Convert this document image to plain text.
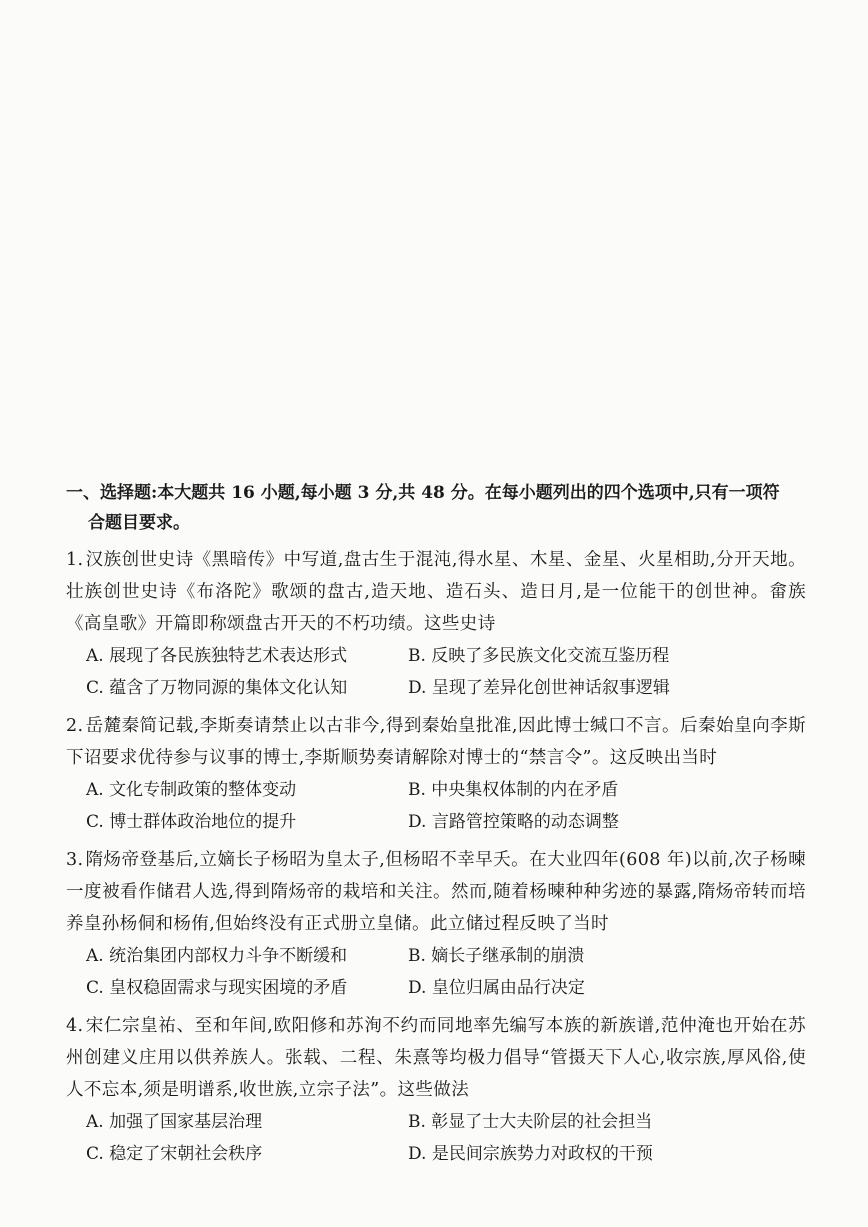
一、选择题:本大题共 16 小题,每小题 3 分,共 48 分。在每小题列出的四个选项中,只有一项符
合题目要求。

1. 汉族创世史诗《黑暗传》中写道,盘古生于混沌,得水星、木星、金星、火星相助,分开天地。壮族创世史诗《布洛陀》歌颂的盘古,造天地、造石头、造日月,是一位能干的创世神。畲族《高皇歌》开篇即称颂盘古开天的不朽功绩。这些史诗

A. 展现了各民族独特艺术表达形式	B. 反映了多民族文化交流互鉴历程
C. 蕴含了万物同源的集体文化认知	D. 呈现了差异化创世神话叙事逻辑

2. 岳麓秦简记载,李斯奏请禁止以古非今,得到秦始皇批准,因此博士缄口不言。后秦始皇向李斯下诏要求优待参与议事的博士,李斯顺势奏请解除对博士的“禁言令”。这反映出当时

A. 文化专制政策的整体变动	B. 中央集权体制的内在矛盾
C. 博士群体政治地位的提升	D. 言路管控策略的动态调整

3. 隋炀帝登基后,立嫡长子杨昭为皇太子,但杨昭不幸早夭。在大业四年(608 年)以前,次子杨暕一度被看作储君人选,得到隋炀帝的栽培和关注。然而,随着杨暕种种劣迹的暴露,隋炀帝转而培养皇孙杨侗和杨侑,但始终没有正式册立皇储。此立储过程反映了当时

A. 统治集团内部权力斗争不断缓和	B. 嫡长子继承制的崩溃
C. 皇权稳固需求与现实困境的矛盾	D. 皇位归属由品行决定

4. 宋仁宗皇祐、至和年间,欧阳修和苏洵不约而同地率先编写本族的新族谱,范仲淹也开始在苏州创建义庄用以供养族人。张载、二程、朱熹等均极力倡导“管摄天下人心,收宗族,厚风俗,使人不忘本,须是明谱系,收世族,立宗子法”。这些做法

A. 加强了国家基层治理	B. 彰显了士大夫阶层的社会担当
C. 稳定了宋朝社会秩序	D. 是民间宗族势力对政权的干预
